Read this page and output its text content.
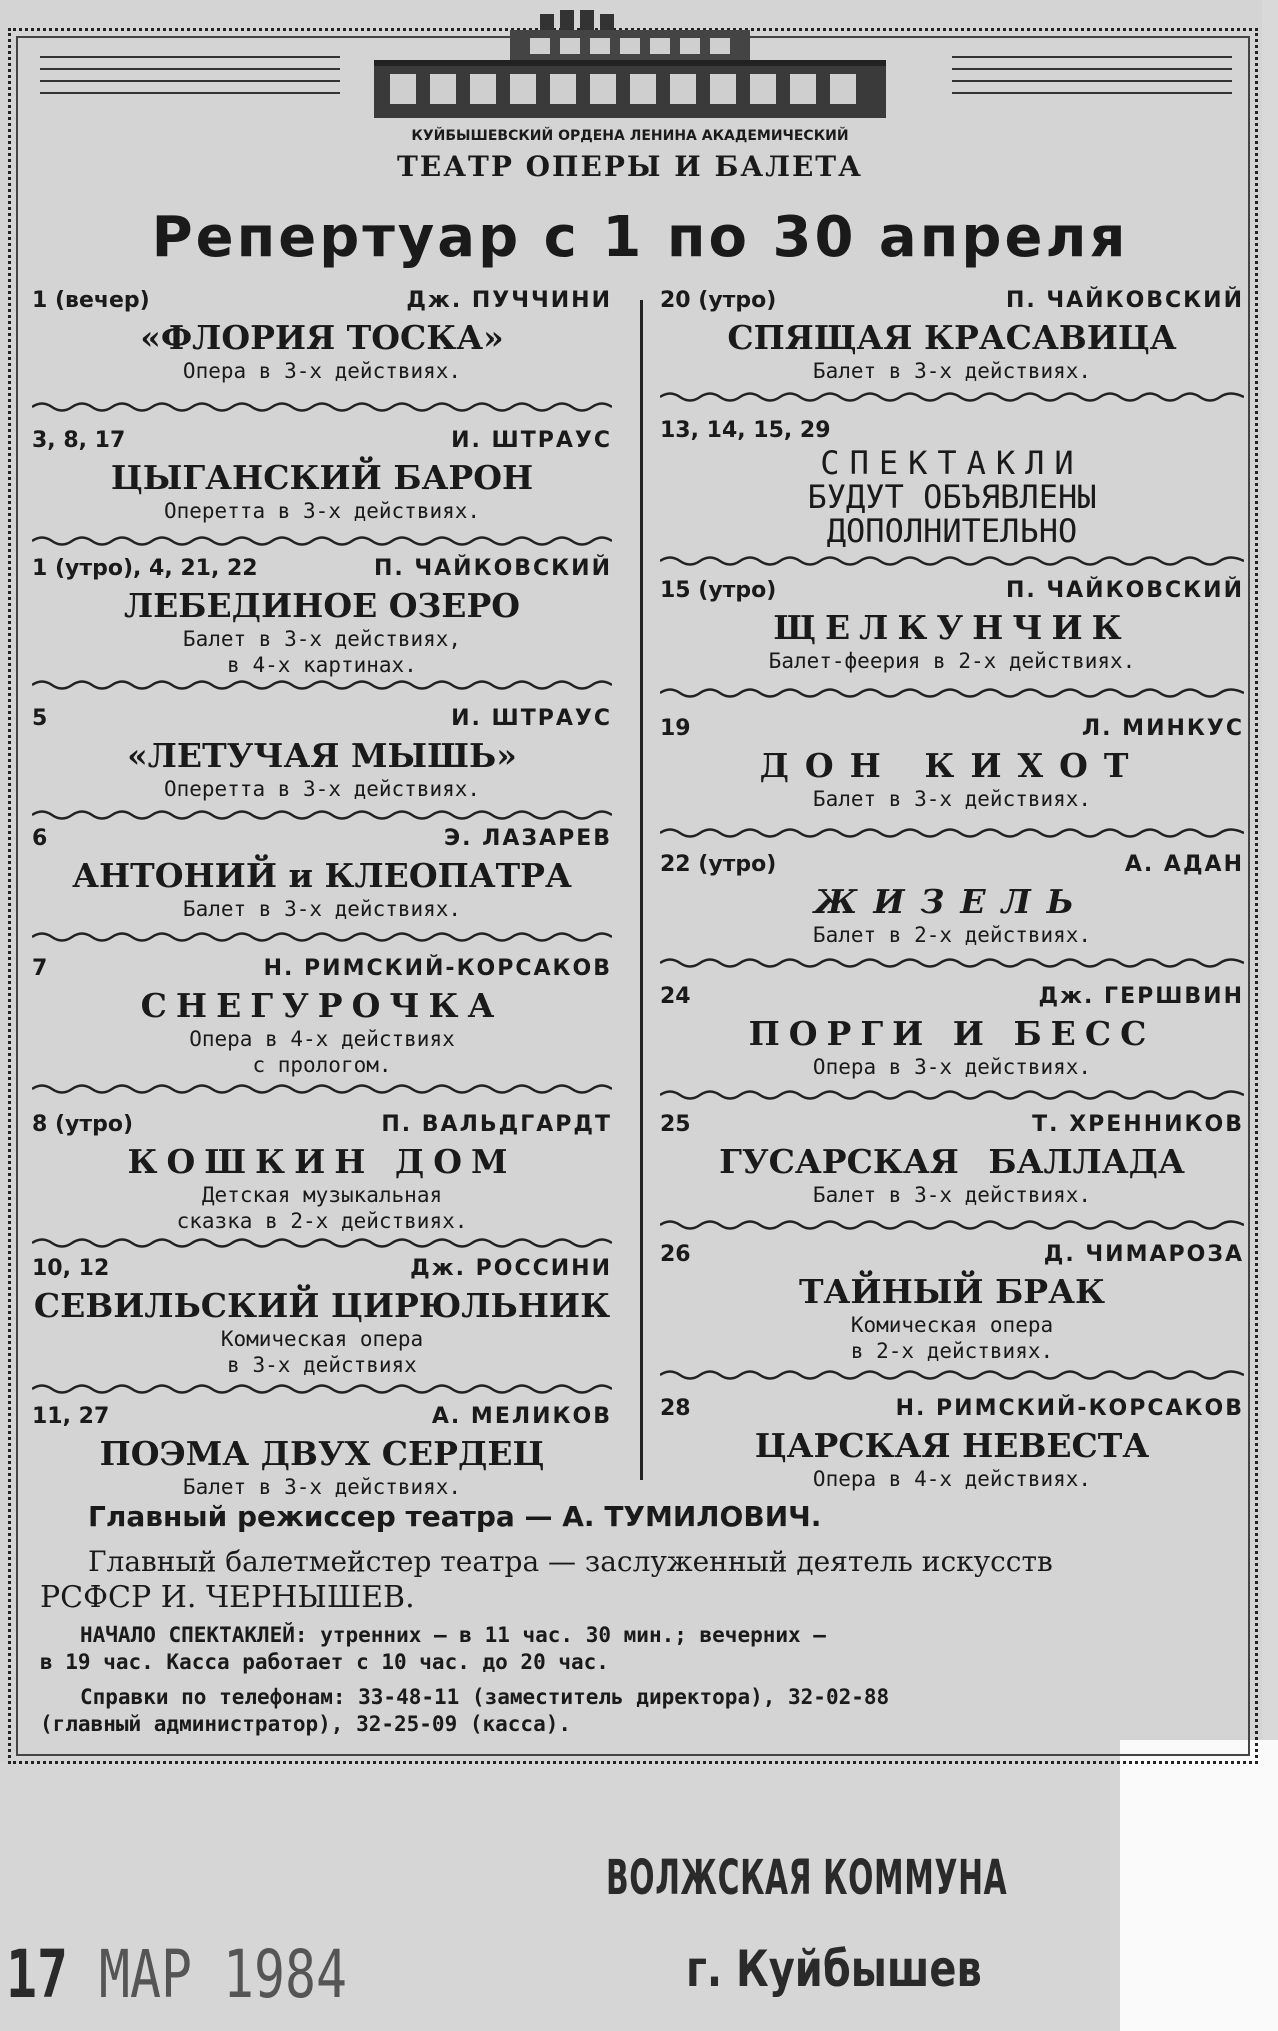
КУЙБЫШЕВСКИЙ ОРДЕНА ЛЕНИНА АКАДЕМИЧЕСКИЙ
ТЕАТР ОПЕРЫ И БАЛЕТА
Репертуар с 1 по 30 апреля
1 (вечер)	Дж. ПУЧЧИНИ
«ФЛОРИЯ ТОСКА»
Опера в 3-х действиях.
3, 8, 17	И. ШТРАУС
ЦЫГАНСКИЙ БАРОН
Оперетта в 3-х действиях.
1 (утро), 4, 21, 22	П. ЧАЙКОВСКИЙ
ЛЕБЕДИНОЕ ОЗЕРО
Балет в 3-х действиях,
в 4-х картинах.
5	И. ШТРАУС
«ЛЕТУЧАЯ МЫШЬ»
Оперетта в 3-х действиях.
6	Э. ЛАЗАРЕВ
АНТОНИЙ и КЛЕОПАТРА
Балет в 3-х действиях.
7	Н. РИМСКИЙ-КОРСАКОВ
СНЕГУРОЧКА
Опера в 4-х действиях
с прологом.
8 (утро)	П. ВАЛЬДГАРДТ
КОШКИН ДОМ
Детская музыкальная
сказка в 2-х действиях.
10, 12	Дж. РОССИНИ
СЕВИЛЬСКИЙ ЦИРЮЛЬНИК
Комическая опера
в 3-х действиях
11, 27	А. МЕЛИКОВ
ПОЭМА ДВУХ СЕРДЕЦ
Балет в 3-х действиях.
20 (утро)	П. ЧАЙКОВСКИЙ
СПЯЩАЯ КРАСАВИЦА
Балет в 3-х действиях.
13, 14, 15, 29
СПЕКТАКЛИ
БУДУТ ОБЪЯВЛЕНЫ
ДОПОЛНИТЕЛЬНО
15 (утро)	П. ЧАЙКОВСКИЙ
ЩЕЛКУНЧИК
Балет-феерия в 2-х действиях.
19	Л. МИНКУС
ДОН КИХОТ
Балет в 3-х действиях.
22 (утро)	А. АДАН
ЖИЗЕЛЬ
Балет в 2-х действиях.
24	Дж. ГЕРШВИН
ПОРГИ И БЕСС
Опера в 3-х действиях.
25	Т. ХРЕННИКОВ
ГУСАРСКАЯ БАЛЛАДА
Балет в 3-х действиях.
26	Д. ЧИМАРОЗА
ТАЙНЫЙ БРАК
Комическая опера
в 2-х действиях.
28	Н. РИМСКИЙ-КОРСАКОВ
ЦАРСКАЯ НЕВЕСТА
Опера в 4-х действиях.
Главный режиссер театра — А. ТУМИЛОВИЧ.
Главный балетмейстер театра — заслуженный деятель искусств
РСФСР И. ЧЕРНЫШЕВ.
НАЧАЛО СПЕКТАКЛЕЙ: утренних — в 11 час. 30 мин.; вечерних —
в 19 час. Касса работает с 10 час. до 20 час.
Справки по телефонам: 33-48-11 (заместитель директора), 32-02-88
(главный администратор), 32-25-09 (касса).
ВОЛЖСКАЯ КОММУНА
г. Куйбышев
17 МАР 1984
